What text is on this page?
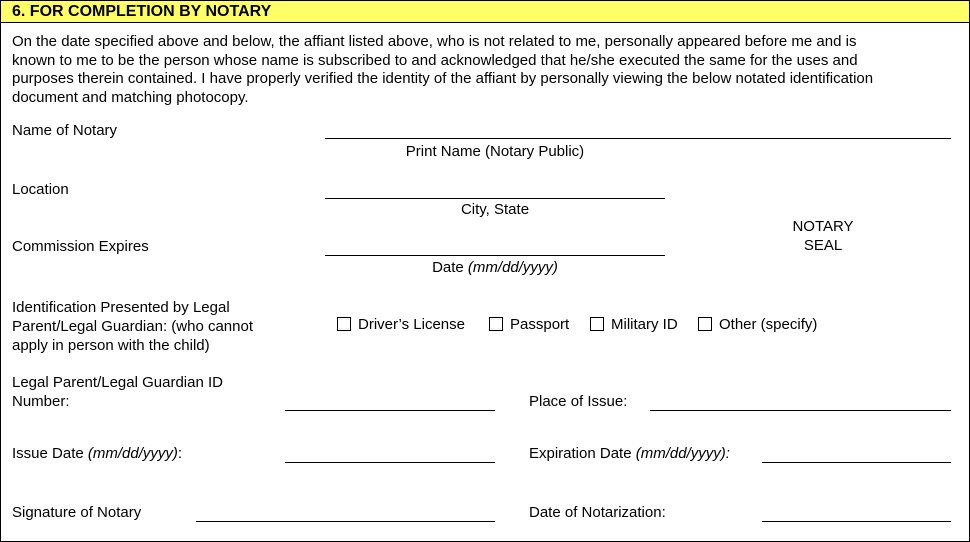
6. FOR COMPLETION BY NOTARY
On the date specified above and below, the affiant listed above, who is not related to me, personally appeared before me and is
known to me to be the person whose name is subscribed to and acknowledged that he/she executed the same for the uses and
purposes therein contained. I have properly verified the identity of the affiant by personally viewing the below notated identification
document and matching photocopy.
Name of Notary
Print Name (Notary Public)
Location
City, State
Commission Expires
Date (mm/dd/yyyy)
NOTARY
SEAL
Identification Presented by Legal
Parent/Legal Guardian: (who cannot
apply in person with the child)
Driver’s License	Passport	Military ID	Other (specify)
Legal Parent/Legal Guardian ID
Number:	Place of Issue:
Issue Date (mm/dd/yyyy):	Expiration Date (mm/dd/yyyy):
Signature of Notary	Date of Notarization:
